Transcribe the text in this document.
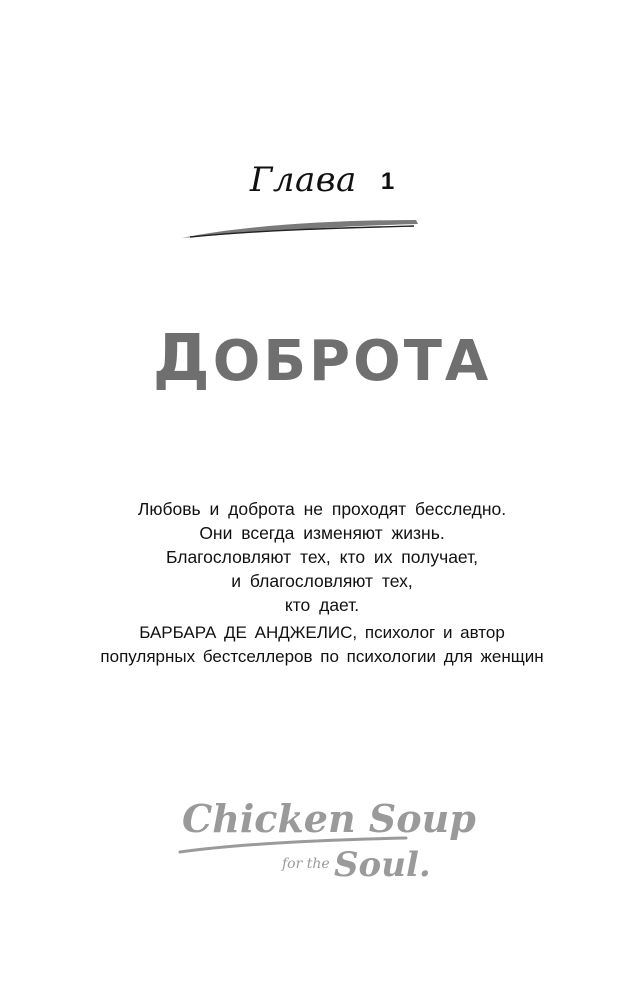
Глава 1
ДОБРОТА
Любовь и доброта не проходят бесследно.
Они всегда изменяют жизнь.
Благословляют тех, кто их получает,
и благословляют тех,
кто дает.
БАРБАРА ДЕ АНДЖЕЛИС, психолог и автор
популярных бестселлеров по психологии для женщин
Chicken Soup
for the Soul.
